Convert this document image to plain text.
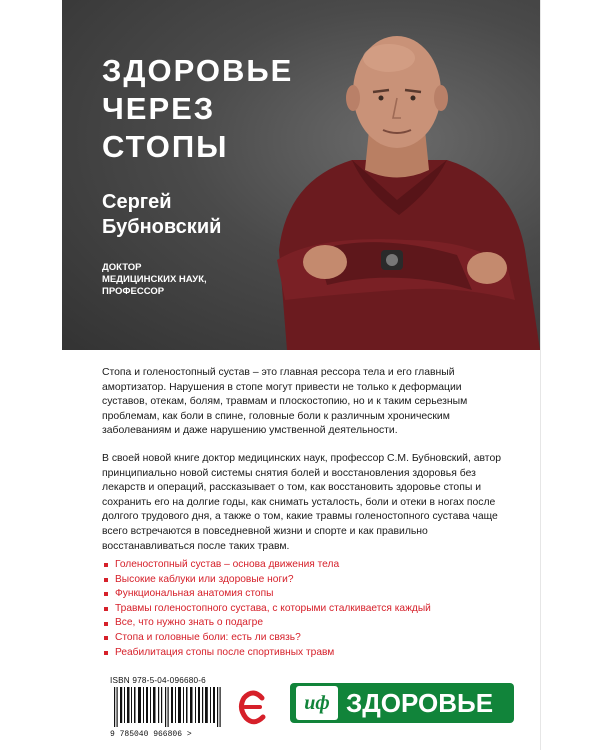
ЗДОРОВЬЕ
ЧЕРЕЗ
СТОПЫ
Сергей
Бубновский
ДОКТОР
МЕДИЦИНСКИХ НАУК,
ПРОФЕССОР
Стопа и голеностопный сустав – это главная рессора тела и его главный амортизатор. Нарушения в стопе могут привести не только к деформации суставов, отекам, болям, травмам и плоскостопию, но и к таким серьезным проблемам, как боли в спине, головные боли к различным хроническим заболеваниям и даже нарушению умственной деятельности.
В своей новой книге доктор медицинских наук, профессор С.М. Бубновский, автор принципиально новой системы снятия болей и восстановления здоровья без лекарств и операций, рассказывает о том, как восстановить здоровье стопы и сохранить его на долгие годы, как снимать усталость, боли и отеки в ногах после долгого трудового дня, а также о том, какие травмы голеностопного сустава чаще всего встречаются в повседневной жизни и спорте и как правильно восстанавливаться после таких травм.
Голеностопный сустав – основа движения тела
Высокие каблуки или здоровые ноги?
Функциональная анатомия стопы
Травмы голеностопного сустава, с которыми сталкивается каждый
Все, что нужно знать о подагре
Стопа и головные боли: есть ли связь?
Реабилитация стопы после спортивных травм
ISBN 978-5-04-096680-6
9 785040 966806 >
иф ЗДОРОВЬЕ
